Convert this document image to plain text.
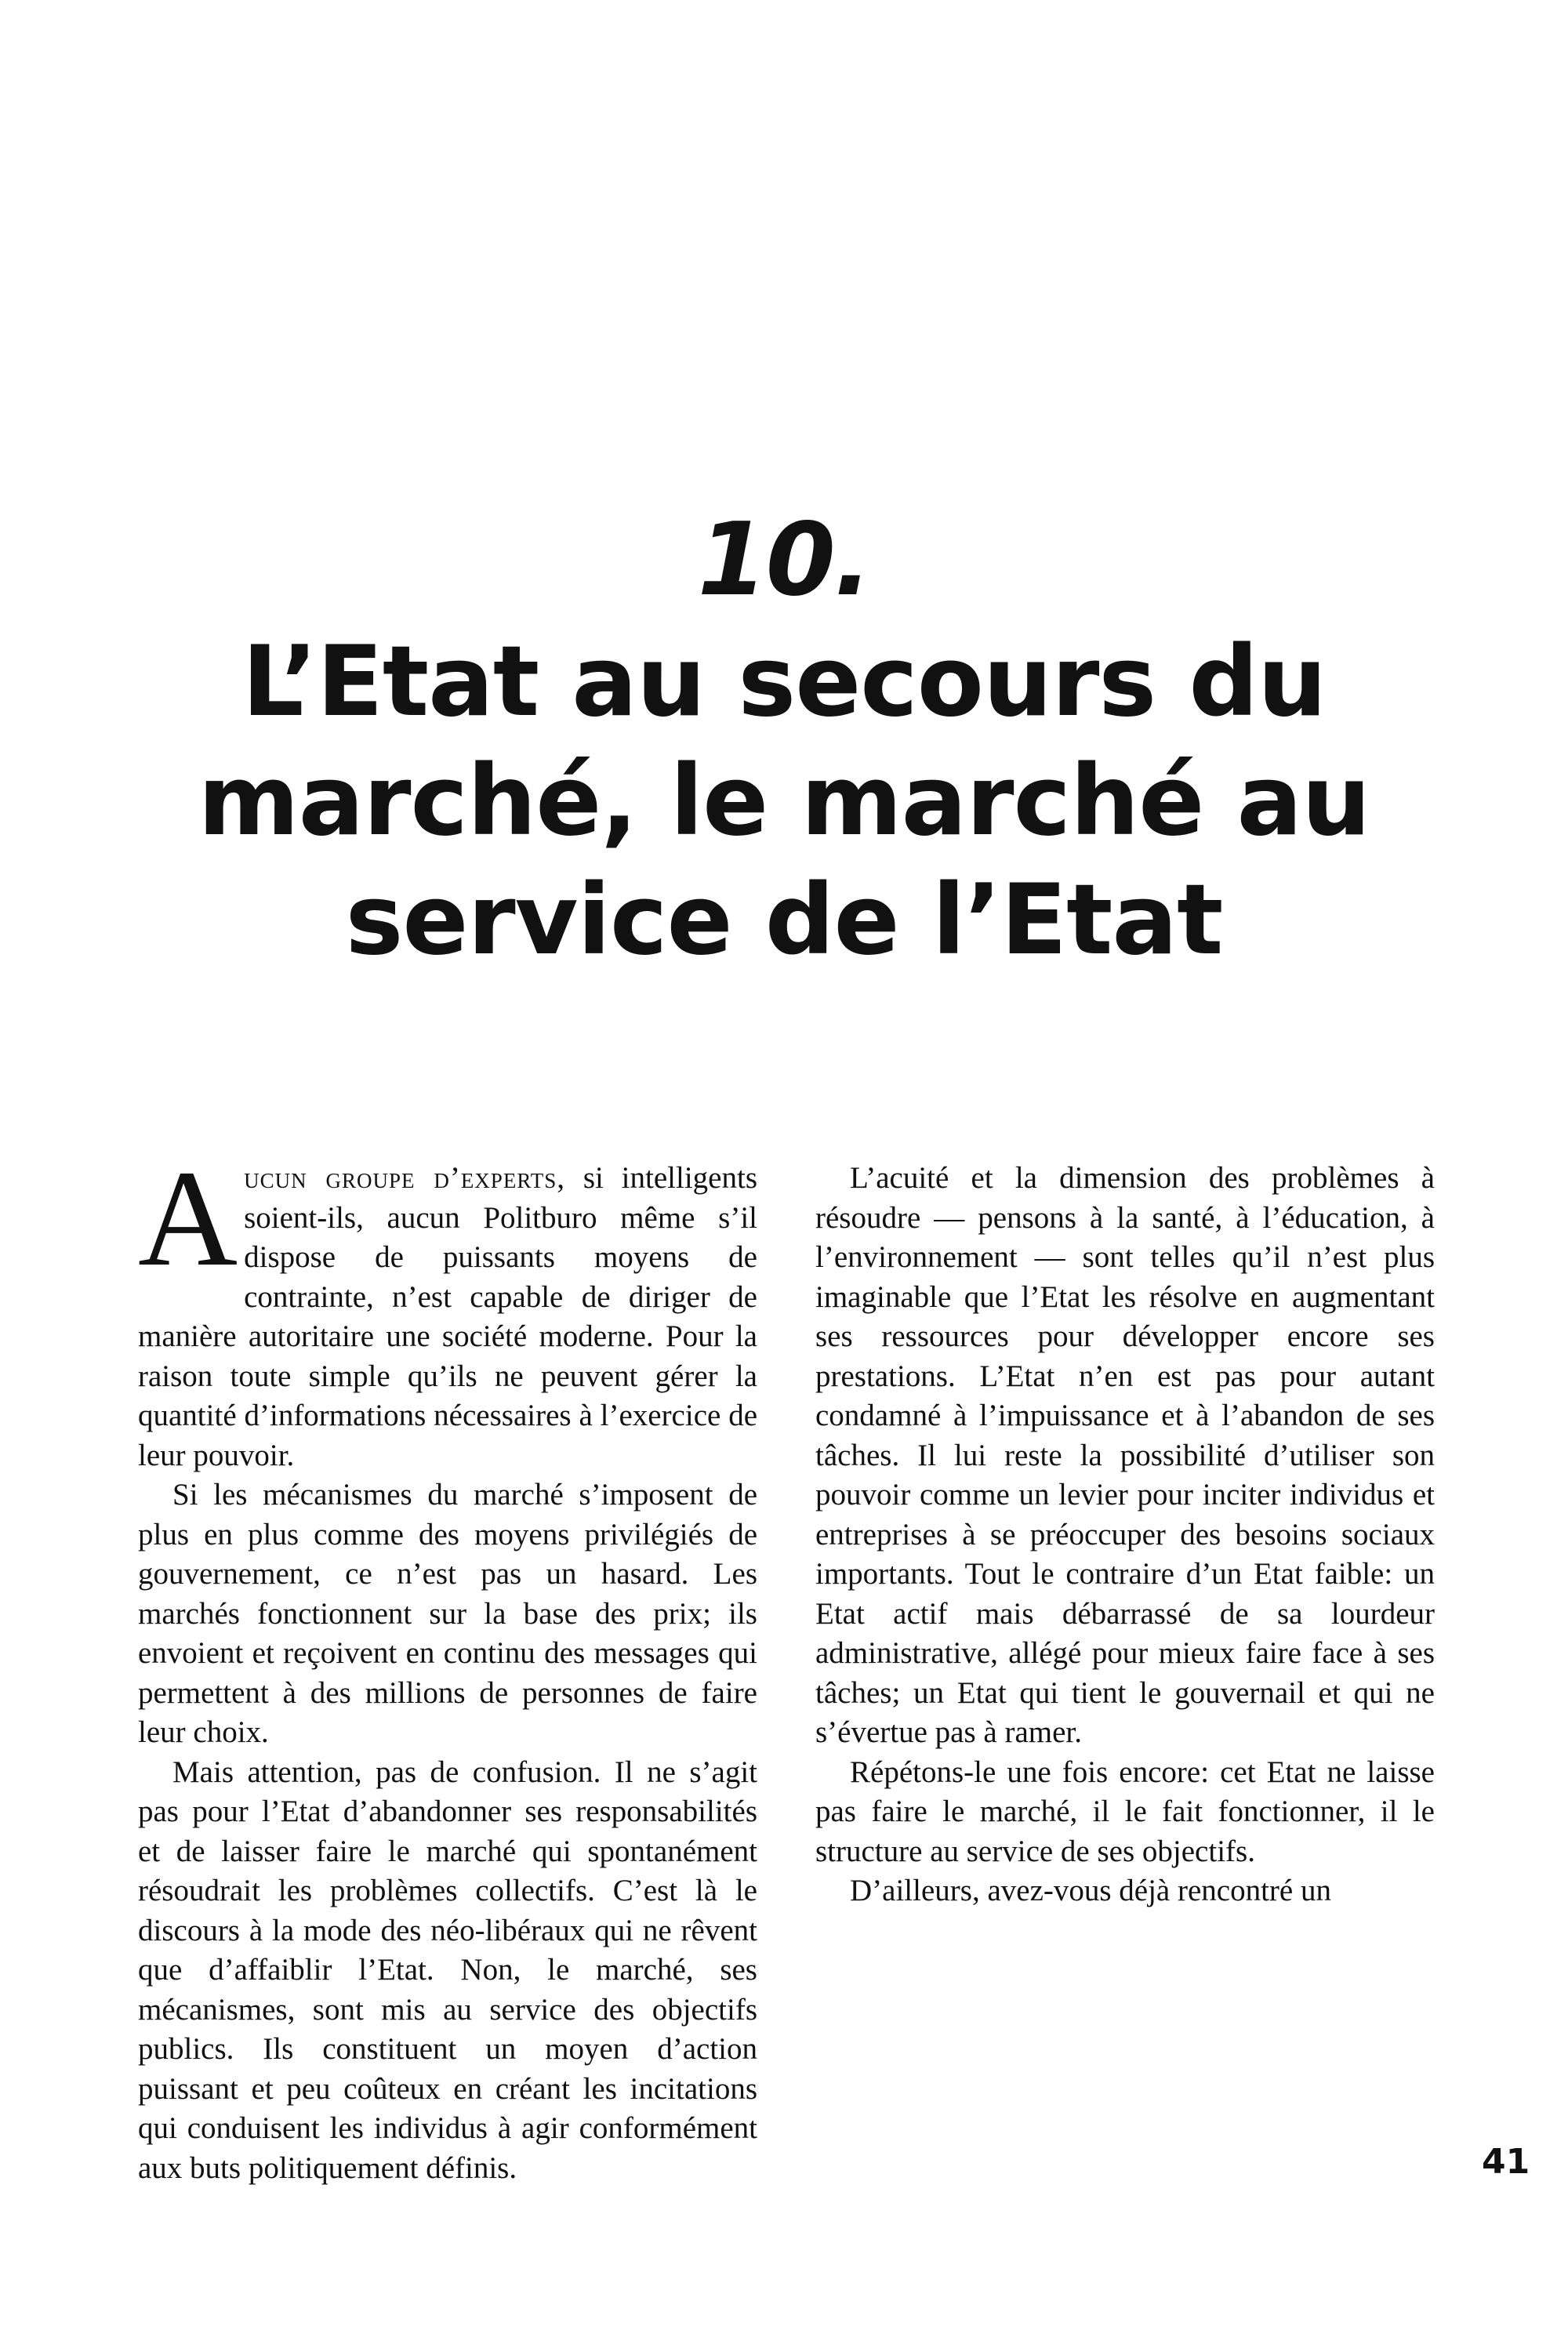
10.
L’Etat au secours du marché, le marché au service de l’Etat

Aucun groupe d’experts, si intelligents soient-ils, aucun Politburo même s’il dispose de puissants moyens de contrainte, n’est capable de diriger de manière autoritaire une société moderne. Pour la raison toute simple qu’ils ne peuvent gérer la quantité d’informations nécessaires à l’exercice de leur pouvoir.

Si les mécanismes du marché s’imposent de plus en plus comme des moyens privilégiés de gouvernement, ce n’est pas un hasard. Les marchés fonctionnent sur la base des prix; ils envoient et reçoivent en continu des messages qui permettent à des millions de personnes de faire leur choix.

Mais attention, pas de confusion. Il ne s’agit pas pour l’Etat d’abandonner ses responsabilités et de laisser faire le marché qui spontanément résoudrait les problèmes collectifs. C’est là le discours à la mode des néo-libéraux qui ne rêvent que d’affaiblir l’Etat. Non, le marché, ses mécanismes, sont mis au service des objectifs publics. Ils constituent un moyen d’action puissant et peu coûteux en créant les incitations qui conduisent les individus à agir conformément aux buts politiquement définis.

L’acuité et la dimension des problèmes à résoudre — pensons à la santé, à l’éducation, à l’environnement — sont telles qu’il n’est plus imaginable que l’Etat les résolve en augmentant ses ressources pour développer encore ses prestations. L’Etat n’en est pas pour autant condamné à l’impuissance et à l’abandon de ses tâches. Il lui reste la possibilité d’utiliser son pouvoir comme un levier pour inciter individus et entreprises à se préoccuper des besoins sociaux importants. Tout le contraire d’un Etat faible: un Etat actif mais débarrassé de sa lourdeur administrative, allégé pour mieux faire face à ses tâches; un Etat qui tient le gouvernail et qui ne s’évertue pas à ramer.

Répétons-le une fois encore: cet Etat ne laisse pas faire le marché, il le fait fonctionner, il le structure au service de ses objectifs.

D’ailleurs, avez-vous déjà rencontré un

41
